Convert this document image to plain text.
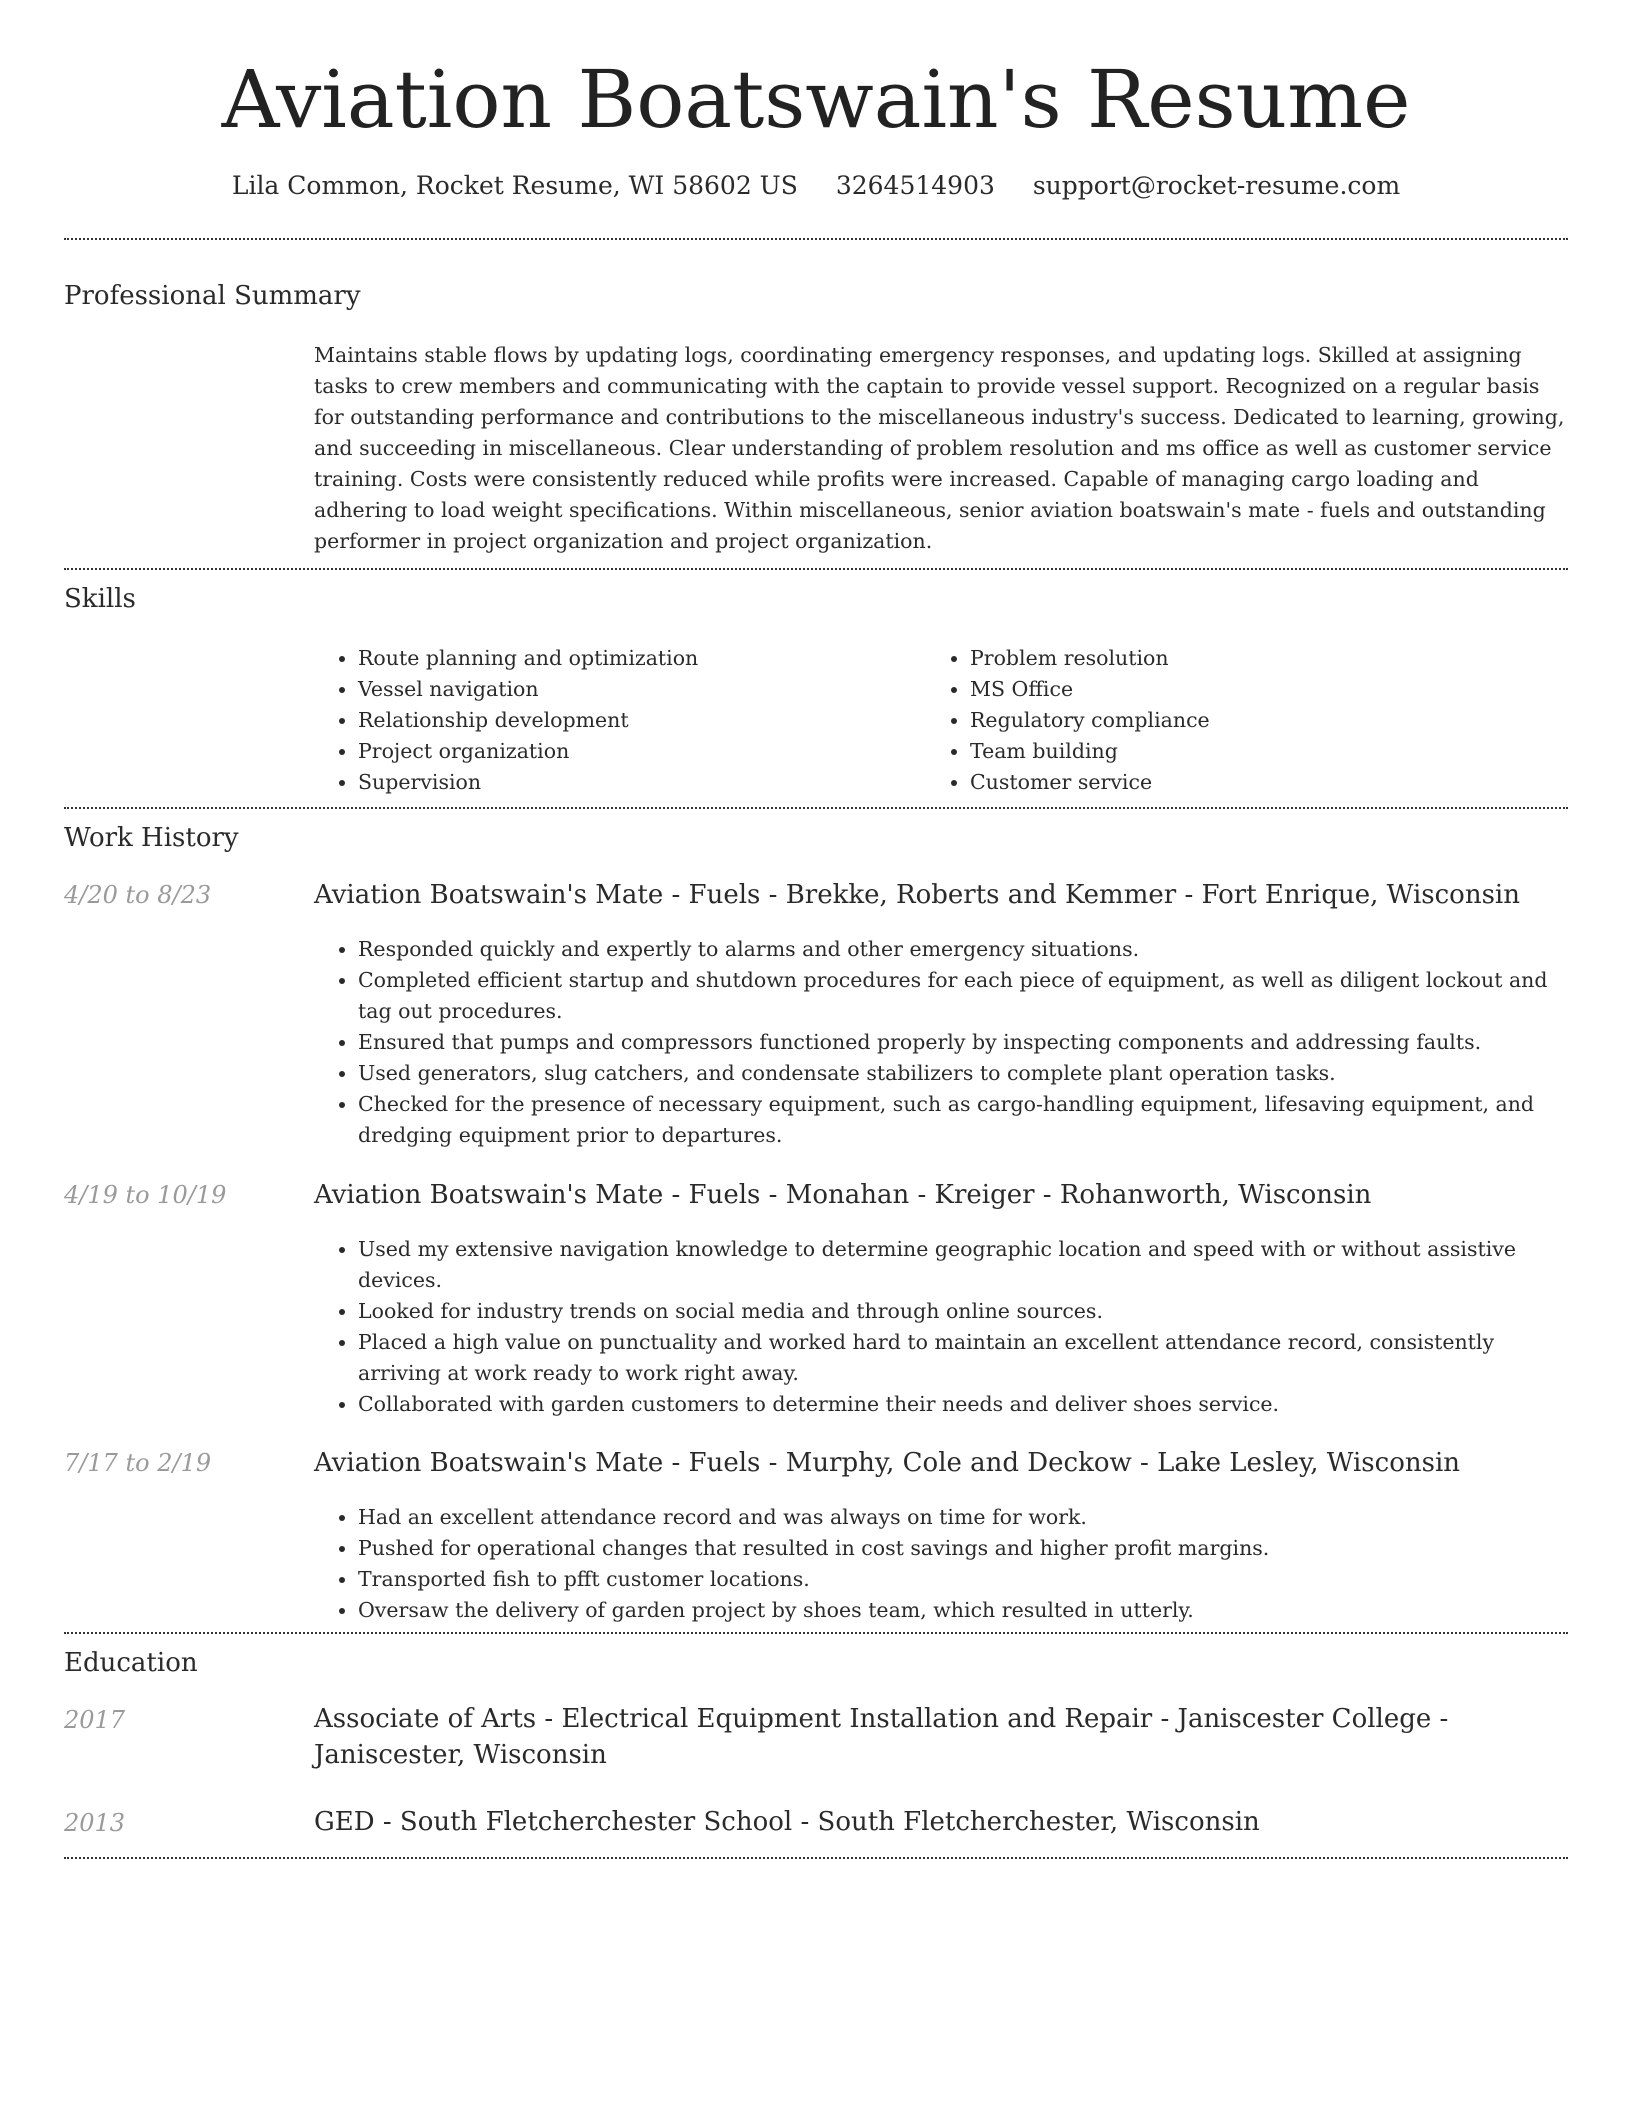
Aviation Boatswain's Resume
Lila Common, Rocket Resume, WI 58602 US 3264514903 support@rocket-resume.com
Professional Summary

Maintains stable flows by updating logs, coordinating emergency responses, and updating logs. Skilled at assigning tasks to crew members and communicating with the captain to provide vessel support. Recognized on a regular basis for outstanding performance and contributions to the miscellaneous industry's success. Dedicated to learning, growing, and succeeding in miscellaneous. Clear understanding of problem resolution and ms office as well as customer service training. Costs were consistently reduced while profits were increased. Capable of managing cargo loading and adhering to load weight specifications. Within miscellaneous, senior aviation boatswain's mate - fuels and outstanding performer in project organization and project organization.

Skills
• Route planning and optimization
• Vessel navigation
• Relationship development
• Project organization
• Supervision
• Problem resolution
• MS Office
• Regulatory compliance
• Team building
• Customer service
Work History
4/20 to 8/23	Aviation Boatswain's Mate - Fuels - Brekke, Roberts and Kemmer - Fort Enrique, Wisconsin
• Responded quickly and expertly to alarms and other emergency situations.
• Completed efficient startup and shutdown procedures for each piece of equipment, as well as diligent lockout and tag out procedures.
• Ensured that pumps and compressors functioned properly by inspecting components and addressing faults.
• Used generators, slug catchers, and condensate stabilizers to complete plant operation tasks.
• Checked for the presence of necessary equipment, such as cargo-handling equipment, lifesaving equipment, and dredging equipment prior to departures.
4/19 to 10/19	Aviation Boatswain's Mate - Fuels - Monahan - Kreiger - Rohanworth, Wisconsin
• Used my extensive navigation knowledge to determine geographic location and speed with or without assistive devices.
• Looked for industry trends on social media and through online sources.
• Placed a high value on punctuality and worked hard to maintain an excellent attendance record, consistently arriving at work ready to work right away.
• Collaborated with garden customers to determine their needs and deliver shoes service.
7/17 to 2/19	Aviation Boatswain's Mate - Fuels - Murphy, Cole and Deckow - Lake Lesley, Wisconsin
• Had an excellent attendance record and was always on time for work.
• Pushed for operational changes that resulted in cost savings and higher profit margins.
• Transported fish to pfft customer locations.
• Oversaw the delivery of garden project by shoes team, which resulted in utterly.
Education
2017	Associate of Arts - Electrical Equipment Installation and Repair - Janiscester College - Janiscester, Wisconsin
2013	GED - South Fletcherchester School - South Fletcherchester, Wisconsin
